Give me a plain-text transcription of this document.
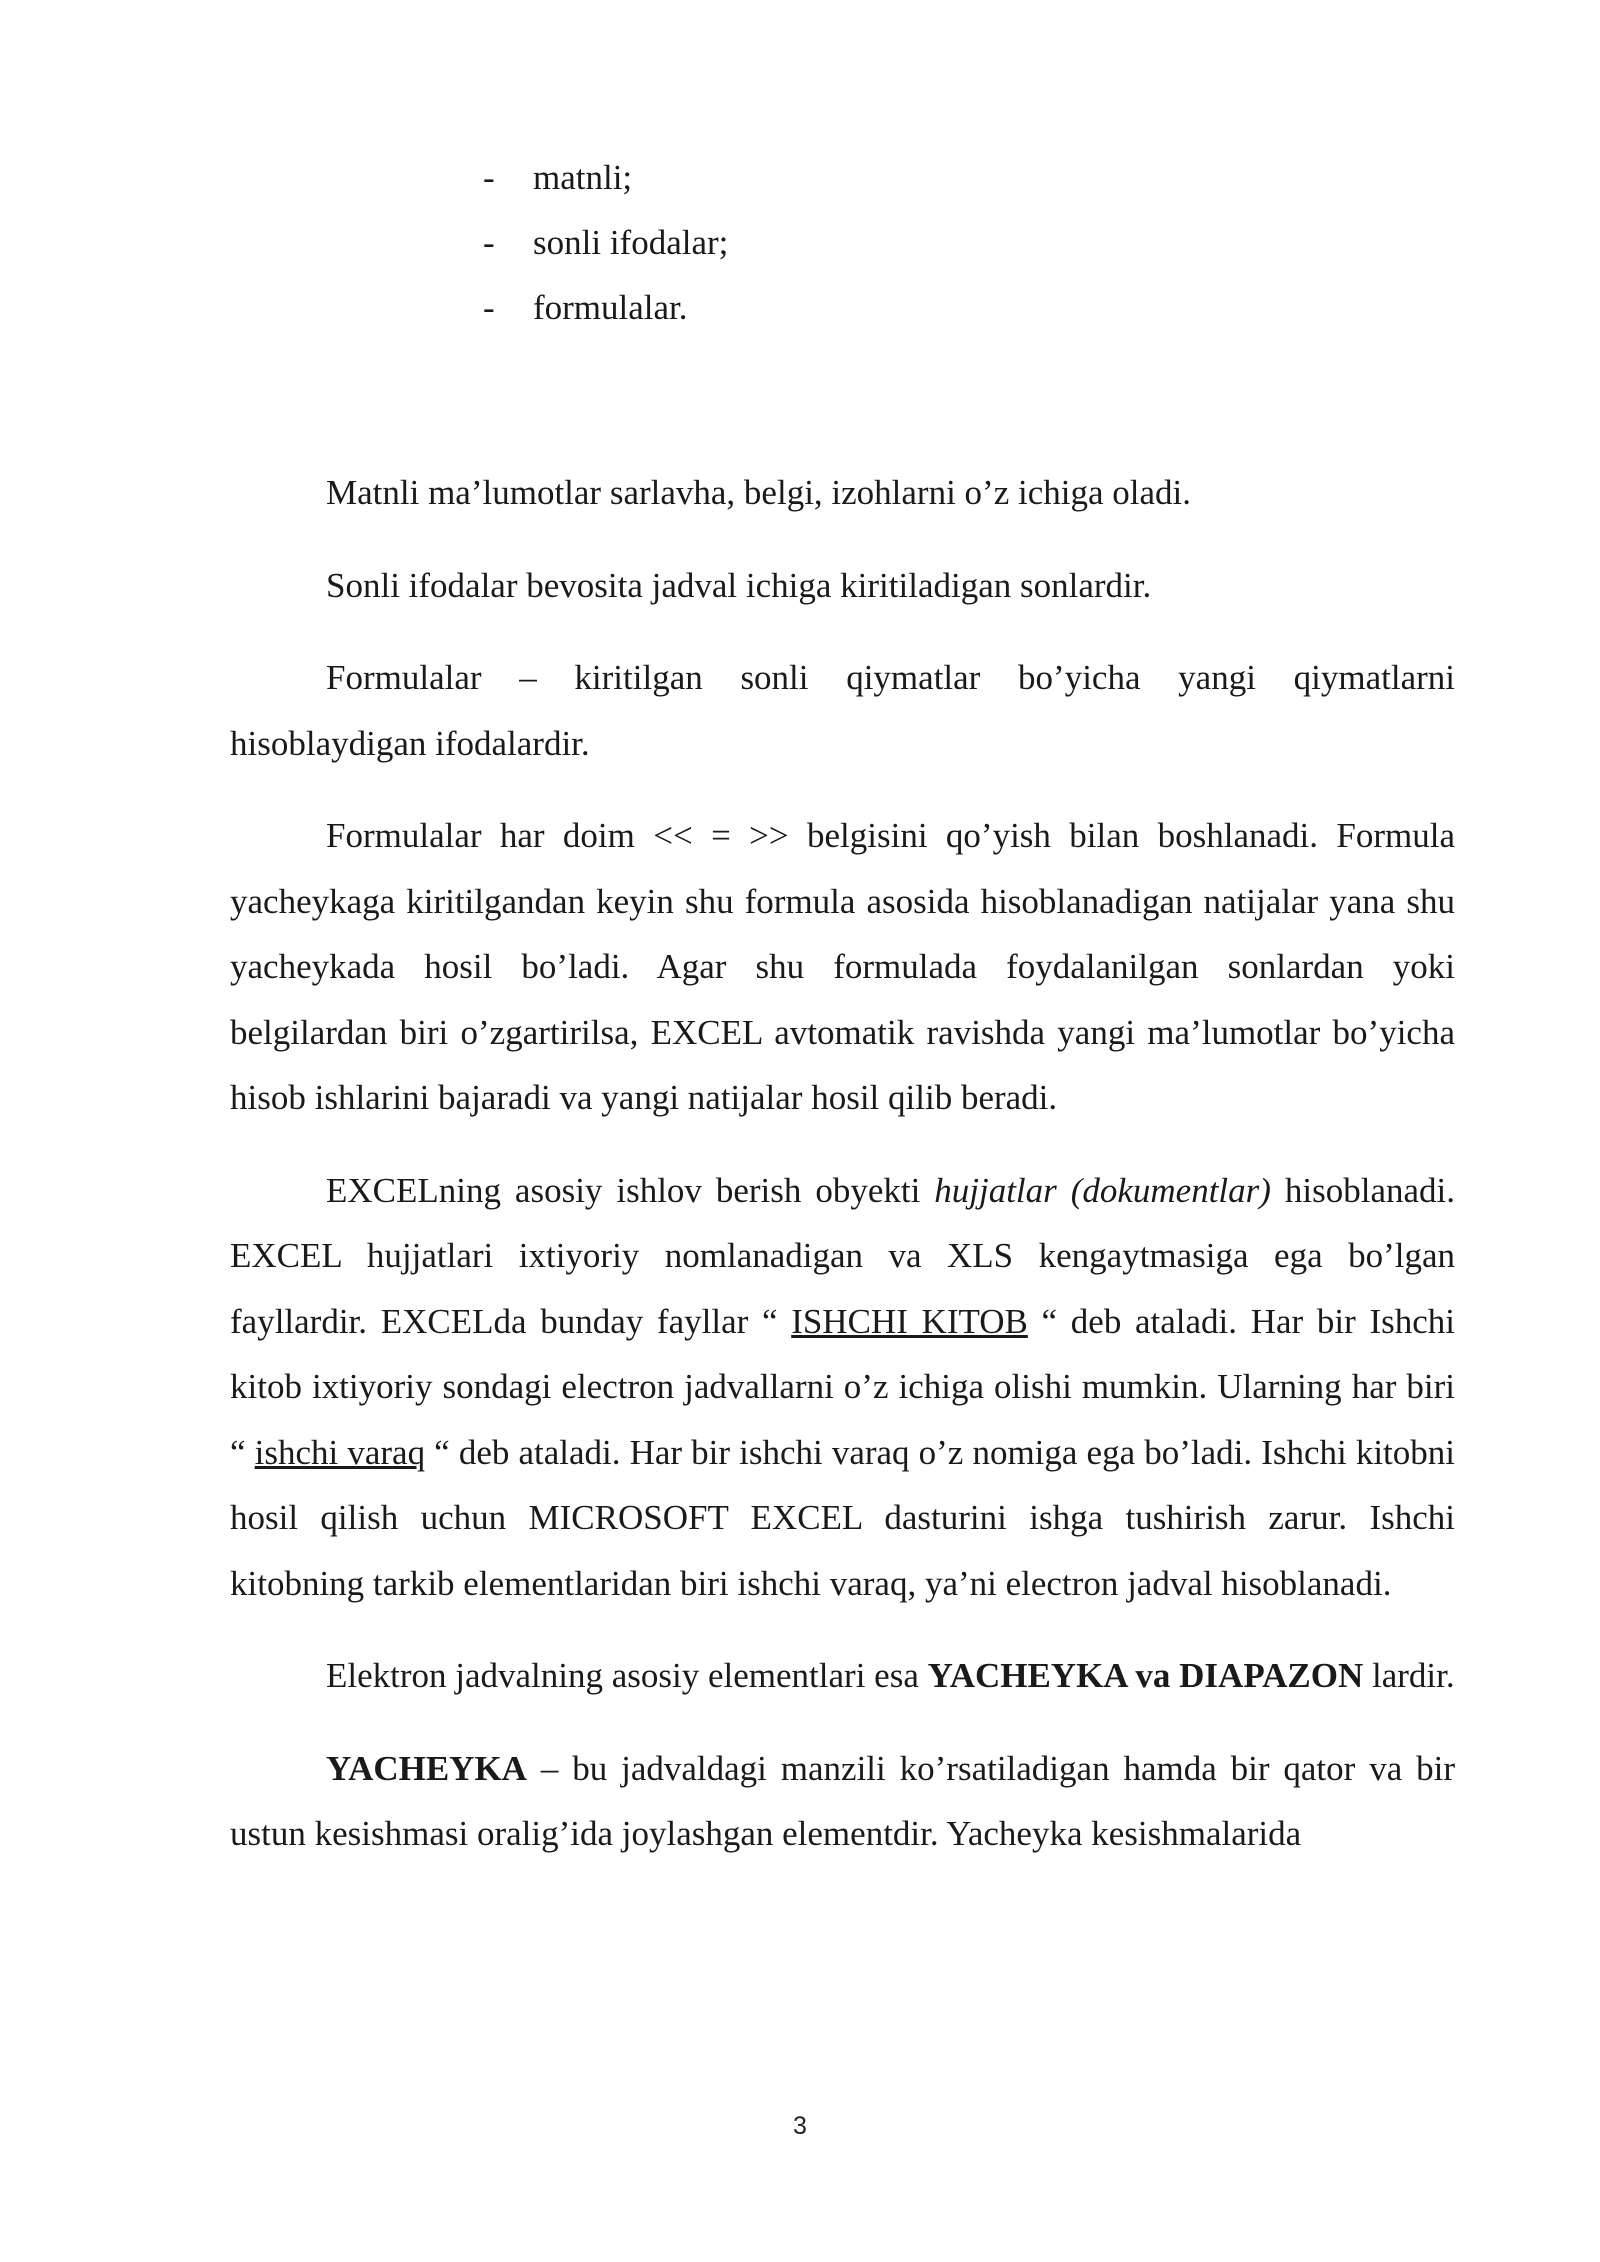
-	matnli;
-	sonli ifodalar;
-	formulalar.

Matnli ma’lumotlar sarlavha, belgi, izohlarni o’z ichiga oladi.

Sonli ifodalar bevosita jadval ichiga kiritiladigan sonlardir.

Formulalar – kiritilgan sonli qiymatlar bo’yicha yangi qiymatlarni hisoblaydigan ifodalardir.

Formulalar har doim << = >> belgisini qo’yish bilan boshlanadi. Formula yacheykaga kiritilgandan keyin shu formula asosida hisoblanadigan natijalar yana shu yacheykada hosil bo’ladi. Agar shu formulada foydalanilgan sonlardan yoki belgilardan biri o’zgartirilsa, EXCEL avtomatik ravishda yangi ma’lumotlar bo’yicha hisob ishlarini bajaradi va yangi natijalar hosil qilib beradi.

EXCELning asosiy ishlov berish obyekti hujjatlar (dokumentlar) hisoblanadi. EXCEL hujjatlari ixtiyoriy nomlanadigan va XLS kengaytmasiga ega bo’lgan fayllardir. EXCELda bunday fayllar “ ISHCHI KITOB “ deb ataladi. Har bir Ishchi kitob ixtiyoriy sondagi electron jadvallarni o’z ichiga olishi mumkin. Ularning har biri “ ishchi varaq “ deb ataladi. Har bir ishchi varaq o’z nomiga ega bo’ladi. Ishchi kitobni hosil qilish uchun MICROSOFT EXCEL dasturini ishga tushirish zarur. Ishchi kitobning tarkib elementlaridan biri ishchi varaq, ya’ni electron jadval hisoblanadi.

Elektron jadvalning asosiy elementlari esa YACHEYKA va DIAPAZON lardir.

YACHEYKA – bu jadvaldagi manzili ko’rsatiladigan hamda bir qator va bir ustun kesishmasi oralig’ida joylashgan elementdir. Yacheyka kesishmalarida

3
